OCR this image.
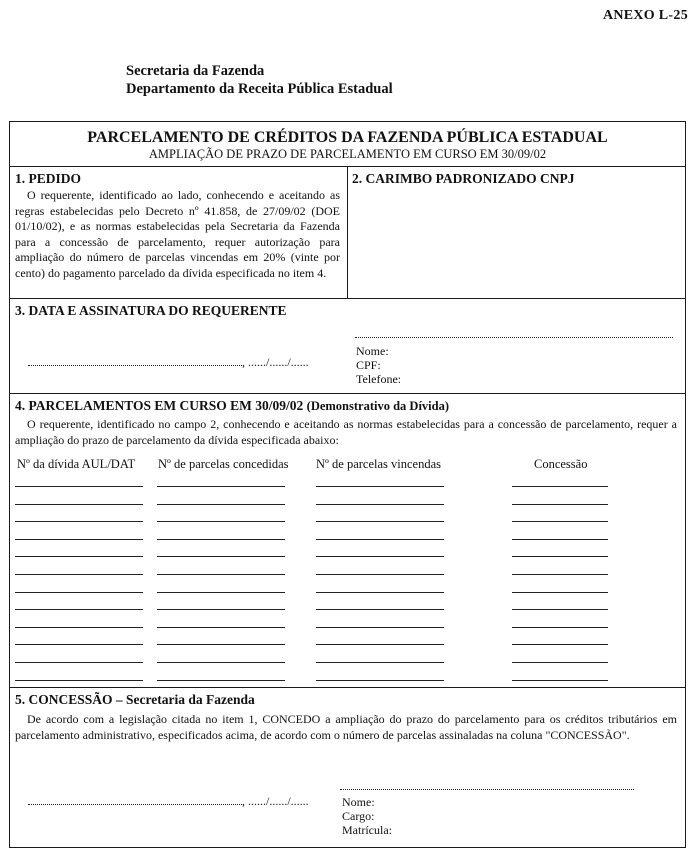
ANEXO L-25
Secretaria da Fazenda
Departamento da Receita Pública Estadual
PARCELAMENTO DE CRÉDITOS DA FAZENDA PÚBLICA ESTADUAL
AMPLIAÇÃO DE PRAZO DE PARCELAMENTO EM CURSO EM 30/09/02
1. PEDIDO
O requerente, identificado ao lado, conhecendo e aceitando as regras estabelecidas pelo Decreto nº 41.858, de 27/09/02 (DOE 01/10/02), e as normas estabelecidas pela Secretaria da Fazenda para a concessão de parcelamento, requer autorização para ampliação do número de parcelas vincendas em 20% (vinte por cento) do pagamento parcelado da dívida especificada no item 4.
2. CARIMBO PADRONIZADO CNPJ
3. DATA E ASSINATURA DO REQUERENTE
, ....../....../......
Nome:
CPF:
Telefone:
4. PARCELAMENTOS EM CURSO EM 30/09/02 (Demonstrativo da Dívida)
O requerente, identificado no campo 2, conhecendo e aceitando as normas estabelecidas para a concessão de parcelamento, requer a ampliação do prazo de parcelamento da dívida especificada abaixo:
Nº da dívida AUL/DAT Nº de parcelas concedidas Nº de parcelas vincendas	Concessão
5. CONCESSÃO – Secretaria da Fazenda
De acordo com a legislação citada no item 1, CONCEDO a ampliação do prazo do parcelamento para os créditos tributários em parcelamento administrativo, especificados acima, de acordo com o número de parcelas assinaladas na coluna "CONCESSÃO".
, ....../....../......	Nome:
Cargo:
Matrícula:
